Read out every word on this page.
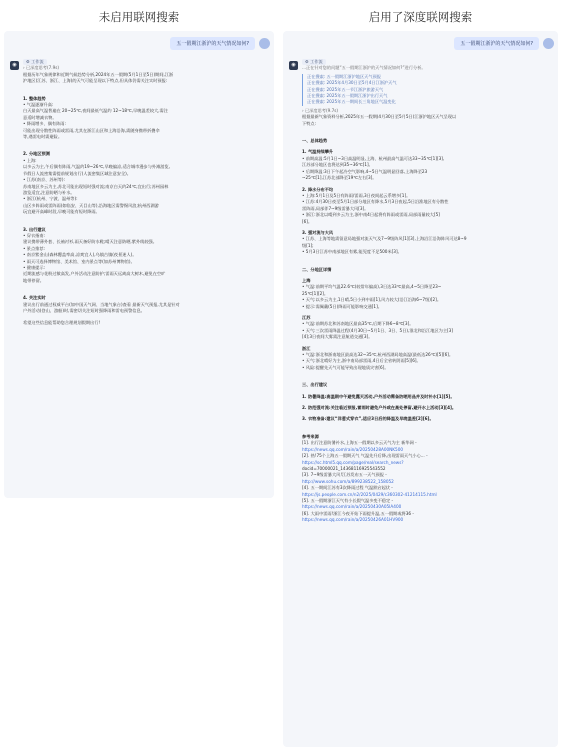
未启用联网搜索	启用了深度联网搜索
五一假期江浙沪的天气情况如何?
◉
⚙ 工作流
› 已深度思考(7.9s)
根据历年气象规律和近期气候趋势分析,2024年五一假期(5月1日至5日)期间,江浙
沪地区(江苏、浙江、上海)的天气可能呈现以下特点,但具体仍需关注实时预报:
1. 整体趋势
• 气温逐渐升高:
白天最高气温普遍在 20~25℃,夜间最低气温约 12~18℃,早晚温差较大,需注
意适时增减衣物。
• 降雨增多、偶有阵雨:
可能出现分散性阵雨或雷雨,尤其在浙江山区和上海沿海,需随身携带折叠伞
等,遇雷电时需避险。
2. 分地区预测
• 上海:
以多云为主,午后偶有阵雨,气温约19~26℃,早晚偏凉,适合城市漫步与外滩游览,
节假日人流密集需提前规划出行(人流密集区域注意安全)。
• 江苏(南京、苏州等):
苏南地区多云为主,苏北可能出现短时强对流;南京白天约24℃,宜出行;苏州园林
游览适宜,注意防晒与补水。
• 浙江(杭州、宁波、温州等):
山区多阵雨或雷阵雨(如临安、天目山等),沿海地区需警惕风浪;杭州西湖游
玩宜避开高峰时段,早晚可能有短时降雨。
3. 出行建议
• 穿衣指南:
建议携带薄外套、长袖衬衫,雨天备好防水鞋;晴天注意防晒,紫外线较强。
• 景点推荐:
• 南京紫金山(森林覆盖率高,凉爽宜人),乌镇古镇(夜景迷人)。
• 雨天可选择博物馆、美术馆、室内景点等(如苏州博物馆)。
• 健康提示:
近期流感与花粉过敏高发,户外活动注意防护;雷雨天远离高大树木,避免在空旷
地带停留。
4. 关注实时
建议出行前通过权威平台(如中国天气网、当地气象台)查看 最新天气预报,尤其是针对
户外活动(登山、游船)时,需密切关注短时强降雨和雷电预警信息。
希望这些信息能帮助您合理规划假期出行!
五一假期江浙沪的天气情况如何?
◉
⚙ 工作流
...正在针对您的问题“五一假期江浙沪的天气情况如何?”进行分析。
正在搜索: 五一假期江浙沪地区天气预报
正在搜索: 2025年4月30日至5月4日江浙沪天气
正在搜索: 2025年五一节江浙沪旅游天气
正在搜索: 2025年五一假期江浙沪出行天气
正在搜索: 2025年五一期间长三角地区气温变化
› 已深度思考(9.7s)
根据最新气象资料分析,2025年五一假期(4月30日至5月5日)江浙沪地区天气呈现以
下特点:
一、总体趋势
1. 气温持续攀升
• 前期高温:5月1日~3日高温明显,上海、杭州最高气温可达33~35℃[1][3],
江苏部分地区也将达到35~36℃[1]。
• 后期降温:3日下午起冷空气影响,4~5日气温明显回落,上海降至23
~25℃[1],江苏北部降至19℃左右[3]。
2. 降水分布不均
• 上海:5月1日及5日有阵雨/雷雨,3日夜间起云系增多[1]。
• 江苏:4月30日夜至5月1日部分地区有降水,5月3日夜起,5日沿淮地区有分散性
雷阵雨,局部伴7~9级雷暴大风[3]。
• 浙江:浙北以晴到多云为主,浙中南4日起将有阵雨或雷雨,局部雨量较大[5]
[6]。
3. 强对流与大风
• 江苏、上海等地需留意局地强对流天气及7~9级阵风[1][3],上海沿江沿海阵风可达8~9
级[1];
• 5月3日江苏中南部地区有雾,能见度不足500米[3]。
二、分地区详情
上海
• 气温:前期平均气温22.6℃(较常年偏高),3日达33℃最高,4~5日降至23~
25℃[1][2]。
• 天气:以多云为主,1日晴,5日小到中雨[1],风力较大(沿江沿海6~7级)[2]。
• 提示:需佩戴(5日)降雨可能影响交通[1]。
江苏
• 气温:前期苏北和苏南地区最高35℃,后期下降6~8℃[3]。
• 天气:三次雷雨降温过程(4月30日~5月1日、3日、5日),淮北和沿江地区为主[3]
[4];3日夜间大雾需注意航道交通[3]。
浙江
• 气温:浙北和浙南地区最高达32~35℃,杭州西湖局地高温(最低达26℃)[5][6]。
• 天气:浙北晴好为主,浙中南局部雷雨,4日后全省转阴雨[5][6]。
• 风险:提醒先天气可能导致出现地质灾害[6]。
三、出行建议
1. 防暑降温:高温期中午避免露天活动,户外活动需备防晒用品并及时补水[1][5]。
2. 防范强对流:关注临近预报,雷雨时避免户外或在高处停留,避开水上活动[3][4]。
3. 衣物准备:建议“洋葱式穿衣”,适应3日后的降温及早晚温差[2][6]。
参考来源
[1]. 出行注意防暑补水,上海五一假期以多云天气为主 新华网 -
https://news.qq.com/rain/a/20250428A00NK500
[2]. 热!75个上海五一假期天气 气温先升后降,出现雷雨天气小心... -
https://sc.html5.qq.com/page/real/search_news?
docid=70000021_14368116925543552
[3]. 7~9级雷暴大风!江苏发布五一天气预报 -
http://www.sohu.com/a/899238522_158052
[4]. 五一期间江苏有3次降雨过程 气温跌宕起伏 -
https://js.people.com.cn/n2/2025/0429/c360302-41214115.html
[5]. 五一假期浙江天气有小长假气温多变不稳定 -
https://news.qq.com/rain/a/20250430A05IA400
[6]. 大雨中雷雨!浙江今夜开始下雨提升温,五一假期或将36 -
https://news.qq.com/rain/a/20250426A01HV900
